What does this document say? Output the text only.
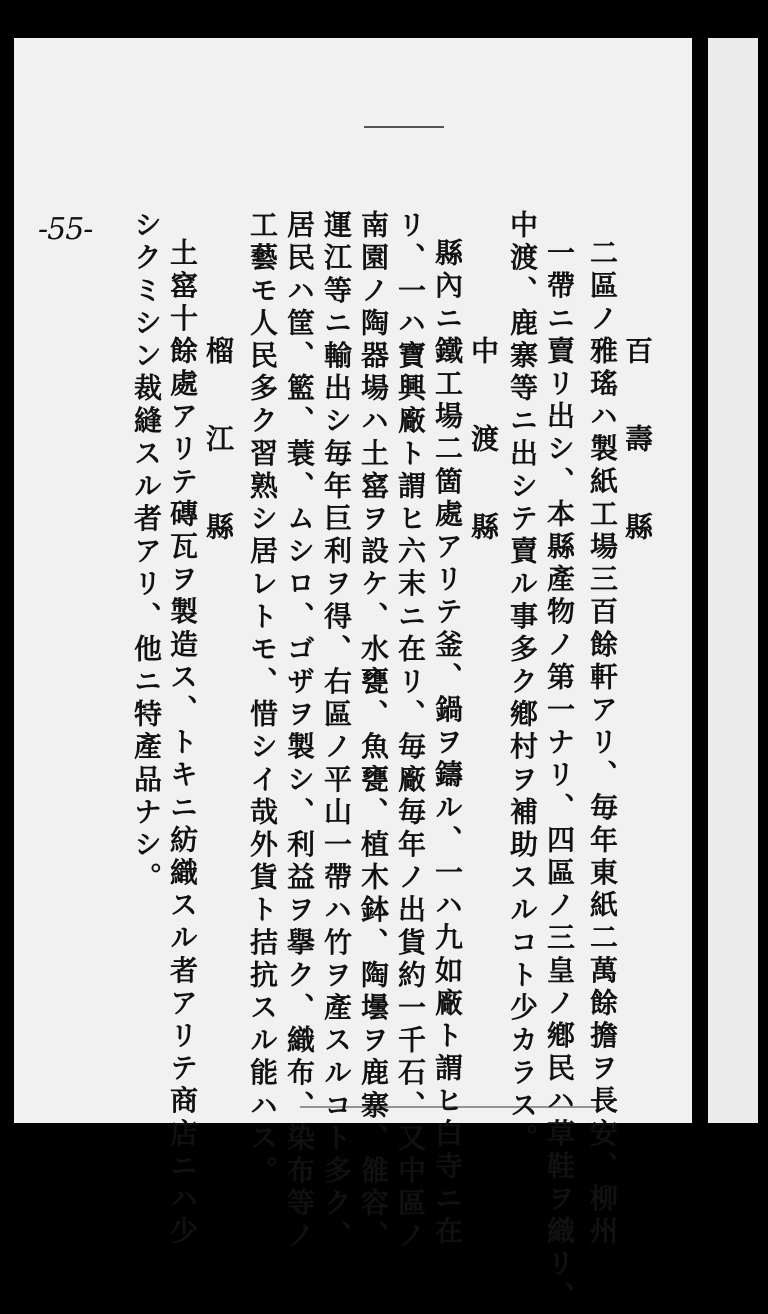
-55-
百　壽　縣
二區ノ雅瑤ハ製紙工場三百餘軒アリ、毎年東紙二萬餘擔ヲ長安、柳州
一帶ニ賣リ出シ、本縣產物ノ第一ナリ、四區ノ三皇ノ鄕民ハ草鞋ヲ織リ、
中渡、鹿寨等ニ出シテ賣ル事多ク鄕村ヲ補助スルコト少カラス。
中　渡　縣
縣內ニ鐵工場二箇處アリテ釜、鍋ヲ鑄ル、一ハ九如廠ト謂ヒ白寺ニ在
リ、一ハ寶興廠ト謂ヒ六末ニ在リ、毎廠毎年ノ出貨約一千石、又中區ノ
南園ノ陶器場ハ土窰ヲ設ケ、水甕、魚甕、植木鉢、陶壜ヲ鹿寨、雒容、
運江等ニ輸出シ毎年巨利ヲ得、右區ノ平山一帶ハ竹ヲ產スルコト多ク、
居民ハ筐、籃、蓑、ムシロ、ゴザヲ製シ、利益ヲ擧ク、織布、染布等ノ
工藝モ人民多ク習熟シ居レトモ、惜シイ哉外貨ト拮抗スル能ハス。
榴　江　縣
土窰十餘處アリテ磚瓦ヲ製造ス、トキニ紡織スル者アリテ商店ニハ少
シクミシン裁縫スル者アリ、他ニ特產品ナシ。
